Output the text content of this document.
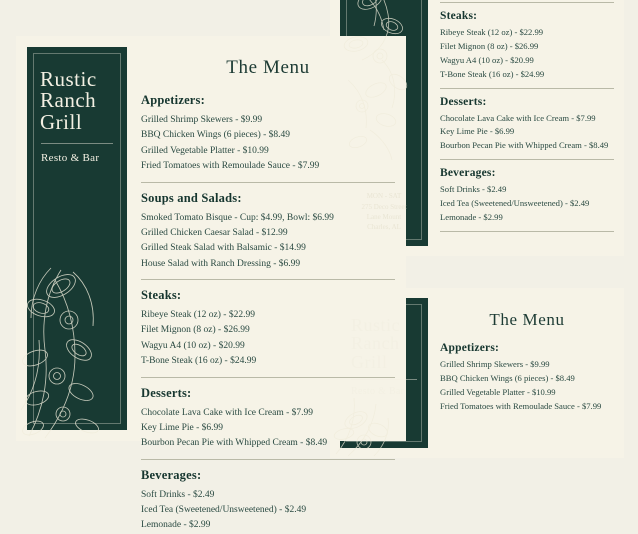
MON - SAT
275 Deco Street
Lane Mount
Charles, AL
Steaks:
Ribeye Steak (12 oz) - $22.99
Filet Mignon (8 oz) - $26.99
Wagyu A4 (10 oz) - $20.99
T-Bone Steak (16 oz) - $24.99
Desserts:
Chocolate Lava Cake with Ice Cream - $7.99
Key Lime Pie - $6.99
Bourbon Pecan Pie with Whipped Cream - $8.49
Beverages:
Soft Drinks - $2.49
Iced Tea (Sweetened/Unsweetened) - $2.49
Lemonade - $2.99
Rustic
Ranch
Grill
Resto & Bar
The Menu
Appetizers:
Grilled Shrimp Skewers - $9.99
BBQ Chicken Wings (6 pieces) - $8.49
Grilled Vegetable Platter - $10.99
Fried Tomatoes with Remoulade Sauce - $7.99
Rustic
Ranch
Grill
Resto & Bar
The Menu
Appetizers:
Grilled Shrimp Skewers - $9.99
BBQ Chicken Wings (6 pieces) - $8.49
Grilled Vegetable Platter - $10.99
Fried Tomatoes with Remoulade Sauce - $7.99
Soups and Salads:
Smoked Tomato Bisque - Cup: $4.99, Bowl: $6.99
Grilled Chicken Caesar Salad - $12.99
Grilled Steak Salad with Balsamic - $14.99
House Salad with Ranch Dressing - $6.99
Steaks:
Ribeye Steak (12 oz) - $22.99
Filet Mignon (8 oz) - $26.99
Wagyu A4 (10 oz) - $20.99
T-Bone Steak (16 oz) - $24.99
Desserts:
Chocolate Lava Cake with Ice Cream - $7.99
Key Lime Pie - $6.99
Bourbon Pecan Pie with Whipped Cream - $8.49
Beverages:
Soft Drinks - $2.49
Iced Tea (Sweetened/Unsweetened) - $2.49
Lemonade - $2.99
